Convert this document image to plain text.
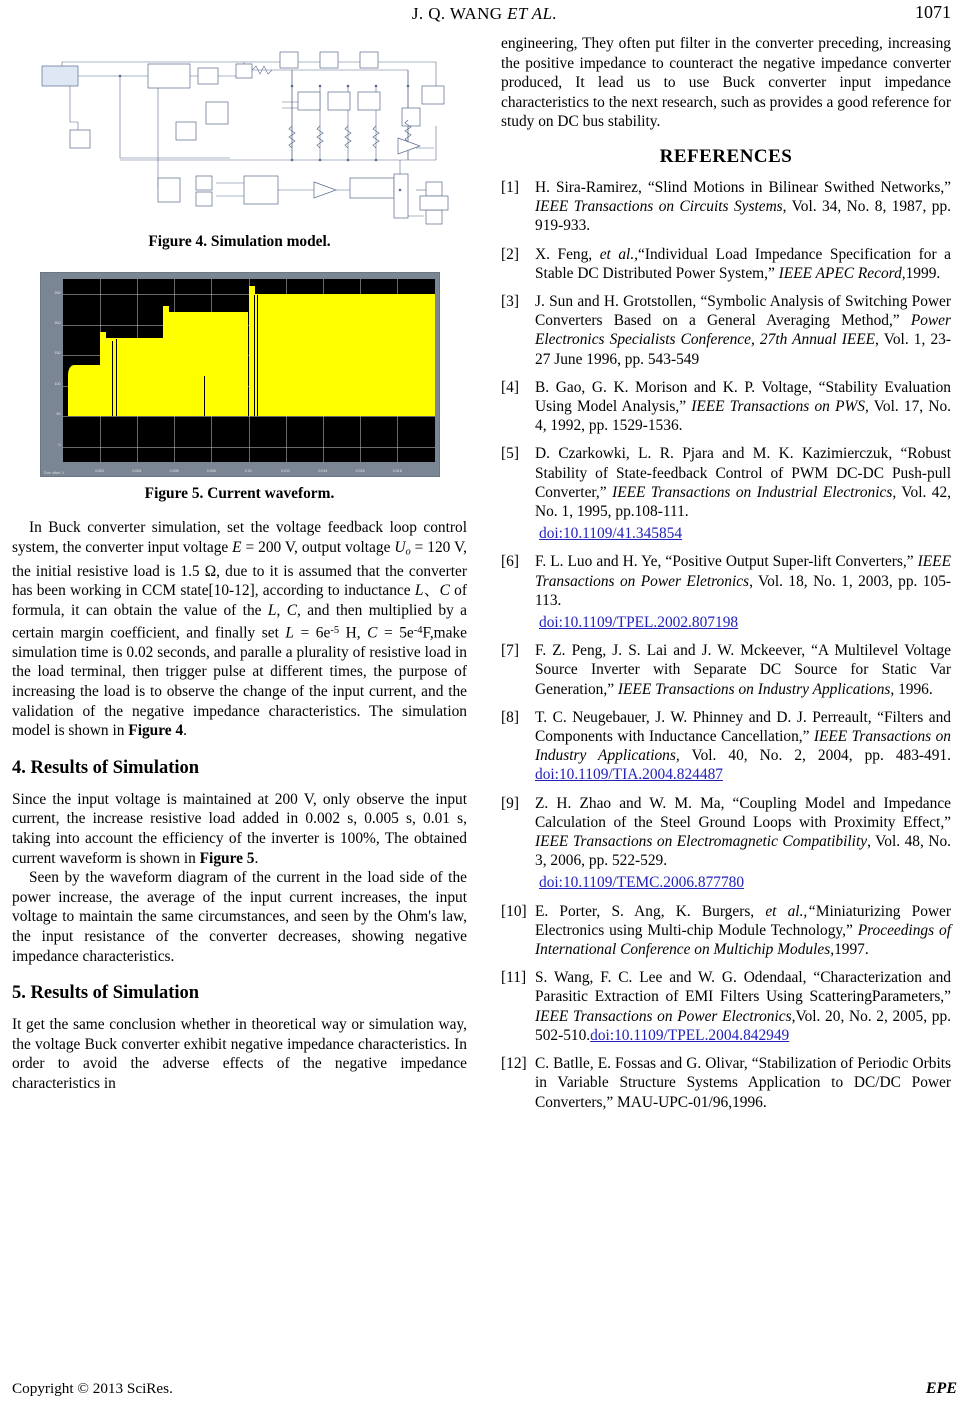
J. Q. WANG ET AL.	1071
Figure 4. Simulation model.
250
200
150
100
50
0
0.002	0.004	0.006	0.008	0.01	0.012	0.014	0.016	0.018
Time offset: 0
Figure 5. Current waveform.

In Buck converter simulation, set the voltage feedback loop control system, the converter input voltage E = 200 V, output voltage $U_o = 120$ V, the initial resistive load is 1.5 Ω, due to it is assumed that the converter has been working in CCM state[10-12], according to inductance L、C of formula, it can obtain the value of the L, C, and then multiplied by a certain margin coefficient, and finally set $L = 6e^{-5}$ H, $C = 5e^{-4}F,make$ simulation time is 0.02 seconds, and paralle a plurality of resistive load in the load terminal, then trigger pulse at different times, the purpose of increasing the load is to observe the change of the input current, and the validation of the negative impedance characteristics. The simulation model is shown in Figure 4.

4. Results of Simulation

Since the input voltage is maintained at 200 V, only observe the input current, the increase resistive load added in 0.002 s, 0.005 s, 0.01 s, taking into account the efficiency of the inverter is 100%, The obtained current waveform is shown in Figure 5.

Seen by the waveform diagram of the current in the load side of the power increase, the average of the input current increases, the input voltage to maintain the same circumstances, and seen by the Ohm's law, the input resistance of the converter decreases, showing negative impedance characteristics.

5. Results of Simulation

It get the same conclusion whether in theoretical way or simulation way, the voltage Buck converter exhibit negative impedance characteristics. In order to avoid the adverse effects of the negative impedance characteristics in

engineering, They often put filter in the converter preceding, increasing the positive impedance to counteract the negative impedance converter produced, It lead us to use Buck converter input impedance characteristics to the next research, such as provides a good reference for study on DC bus stability.

REFERENCES
[1]	H. Sira-Ramirez, “Slind Motions in Bilinear Swithed Networks,” IEEE Transactions on Circuits Systems, Vol. 34, No. 8, 1987, pp. 919-933.
[2]	X. Feng, et al.,“Individual Load Impedance Specification for a Stable DC Distributed Power System,” IEEE APEC Record,1999.
[3]	J. Sun and H. Grotstollen, “Symbolic Analysis of Switching Power Converters Based on a General Averaging Method,” Power Electronics Specialists Conference, 27th Annual IEEE, Vol. 1, 23-27 June 1996, pp. 543-549
[4]	B. Gao, G. K. Morison and K. P. Voltage, “Stability Evaluation Using Model Analysis,” IEEE Transactions on PWS, Vol. 17, No. 4, 1992, pp. 1529-1536.
[5]	D. Czarkowki, L. R. Pjara and M. K. Kazimierczuk, “Robust Stability of State-feedback Control of PWM DC-DC Push-pull Converter,” IEEE Transactions on Industrial Electronics, Vol. 42, No. 1, 1995, pp.108-111.
doi:10.1109/41.345854
[6]	F. L. Luo and H. Ye, “Positive Output Super-lift Converters,” IEEE Transactions on Power Eletronics, Vol. 18, No. 1, 2003, pp. 105-113.
doi:10.1109/TPEL.2002.807198
[7]	F. Z. Peng, J. S. Lai and J. W. Mckeever, “A Multilevel Voltage Source Inverter with Separate DC Source for Static Var Generation,” IEEE Transactions on Industry Applications, 1996.
[8]	T. C. Neugebauer, J. W. Phinney and D. J. Perreault, “Filters and Components with Inductance Cancellation,” IEEE Transactions on Industry Applications, Vol. 40, No. 2, 2004, pp. 483-491. doi:10.1109/TIA.2004.824487
[9]	Z. H. Zhao and W. M. Ma, “Coupling Model and Impedance Calculation of the Steel Ground Loops with Proximity Effect,” IEEE Transactions on Electromagnetic Compatibility, Vol. 48, No. 3, 2006, pp. 522-529.
doi:10.1109/TEMC.2006.877780
[10] E. Porter, S. Ang, K. Burgers, et al.,“Miniaturizing Power Electronics using Multi-chip Module Technology,” Proceedings of International Conference on Multichip Modules,1997.
[11] S. Wang, F. C. Lee and W. G. Odendaal, “Characterization and Parasitic Extraction of EMI Filters Using ScatteringParameters,” IEEE Transactions on Power Electronics,Vol. 20, No. 2, 2005, pp. 502-510.doi:10.1109/TPEL.2004.842949
[12] C. Batlle, E. Fossas and G. Olivar, “Stabilization of Periodic Orbits in Variable Structure Systems Application to DC/DC Power Converters,” MAU-UPC-01/96,1996.
Copyright © 2013 SciRes.	EPE
